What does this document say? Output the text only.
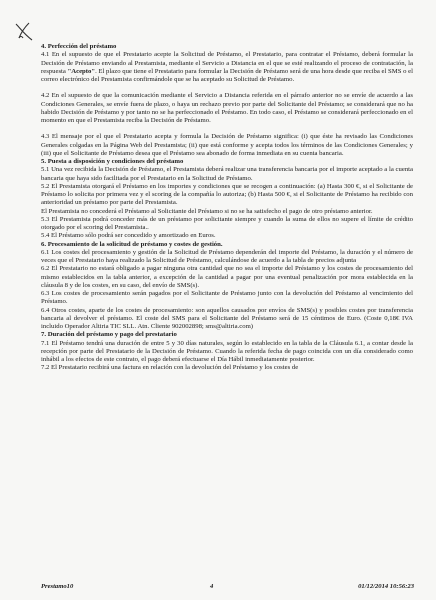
4. Perfección del préstamo

4.1 En el supuesto de que el Prestatario acepte la Solicitud de Préstamo, el Prestatario, para contratar el Préstamo, deberá formular la Decisión de Préstamo enviando al Prestamista, mediante el Servicio a Distancia en el que se esté realizando el proceso de contratación, la respuesta "Acepto". El plazo que tiene el Prestatario para formular la Decisión de Préstamo será de una hora desde que reciba el SMS o el correo electrónico del Prestamista confirmándole que se ha aceptado su Solicitud de Préstamo.

4.2 En el supuesto de que la comunicación mediante el Servicio a Distancia referida en el párrafo anterior no se envíe de acuerdo a las Condiciones Generales, se envíe fuera de plazo, o haya un rechazo previo por parte del Solicitante del Préstamo; se considerará que no ha habido Decisión de Préstamo y por tanto no se ha perfeccionado el Préstamo. En todo caso, el Préstamo se considerará perfeccionado en el momento en que el Prestamista reciba la Decisión de Préstamo.

4.3 El mensaje por el que el Prestatario acepta y formula la Decisión de Préstamo significa: (i) que éste ha revisado las Condiciones Generales colgadas en la Página Web del Prestamista; (ii) que está conforme y acepta todos los términos de las Condiciones Generales; y (iii) que el Solicitante de Préstamo desea que el Préstamo sea abonado de forma inmediata en su cuenta bancaria.

5. Puesta a disposición y condiciones del préstamo

5.1 Una vez recibida la Decisión de Préstamo, el Prestamista deberá realizar una transferencia bancaria por el importe aceptado a la cuenta bancaria que haya sido facilitada por el Prestatario en la Solicitud de Préstamo.

5.2 El Prestamista otorgará el Préstamo en los importes y condiciones que se recogen a continuación: (a) Hasta 300 €, si el Solicitante de Préstamo lo solicita por primera vez y el scoring de la compañía lo autoriza; (b) Hasta 500 €, si el Solicitante de Préstamo ha recibido con anterioridad un préstamo por parte del Prestamista.

El Prestamista no concederá el Préstamo al Solicitante del Préstamo si no se ha satisfecho el pago de otro préstamo anterior.

5.3 El Prestamista podrá conceder más de un préstamo por solicitante siempre y cuando la suma de ellos no supere el límite de crédito otorgado por el scoring del Prestamista..

5.4 El Préstamo sólo podrá ser concedido y amortizado en Euros.

6. Procesamiento de la solicitud de préstamo y costes de gestión.

6.1 Los costes del procesamiento y gestión de la Solicitud de Préstamo dependerán del importe del Préstamo, la duración y el número de veces que el Prestatario haya realizado la Solicitud de Préstamo, calculándose de acuerdo a la tabla de precios adjunta

6.2 El Prestatario no estará obligado a pagar ninguna otra cantidad que no sea el importe del Préstamo y los costes de procesamiento del mismo establecidos en la tabla anterior, a excepción de la cantidad a pagar por una eventual penalización por mora establecida en la cláusula 8 y de los costes, en su caso, del envío de SMS(s).

6.3 Los costes de procesamiento serán pagados por el Solicitante de Préstamo junto con la devolución del Préstamo al vencimiento del Préstamo.

6.4 Otros costes, aparte de los costes de procesamiento: son aquellos causados por envíos de SMS(s) y posibles costes por transferencia bancaria al devolver el préstamo. El coste del SMS para el Solicitante del Préstamo será de 15 céntimos de Euro. (Coste 0,18€ IVA incluido Operador Altiria TIC SLL. Atn. Cliente 902002898; sms@altiria.com)

7. Duración del préstamo y pago del prestatario

7.1 El Préstamo tendrá una duración de entre 5 y 30 días naturales, según lo establecido en la tabla de la Cláusula 6.1, a contar desde la recepción por parte del Prestatario de la Decisión de Préstamo. Cuando la referida fecha de pago coincida con un día considerado como inhábil a los efectos de este contrato, el pago deberá efectuarse el Día Hábil inmediatamente posterior.

7.2 El Prestatario recibirá una factura en relación con la devolución del Préstamo y los costes de

Prestamo10	4	01/12/2014 10:56:23
